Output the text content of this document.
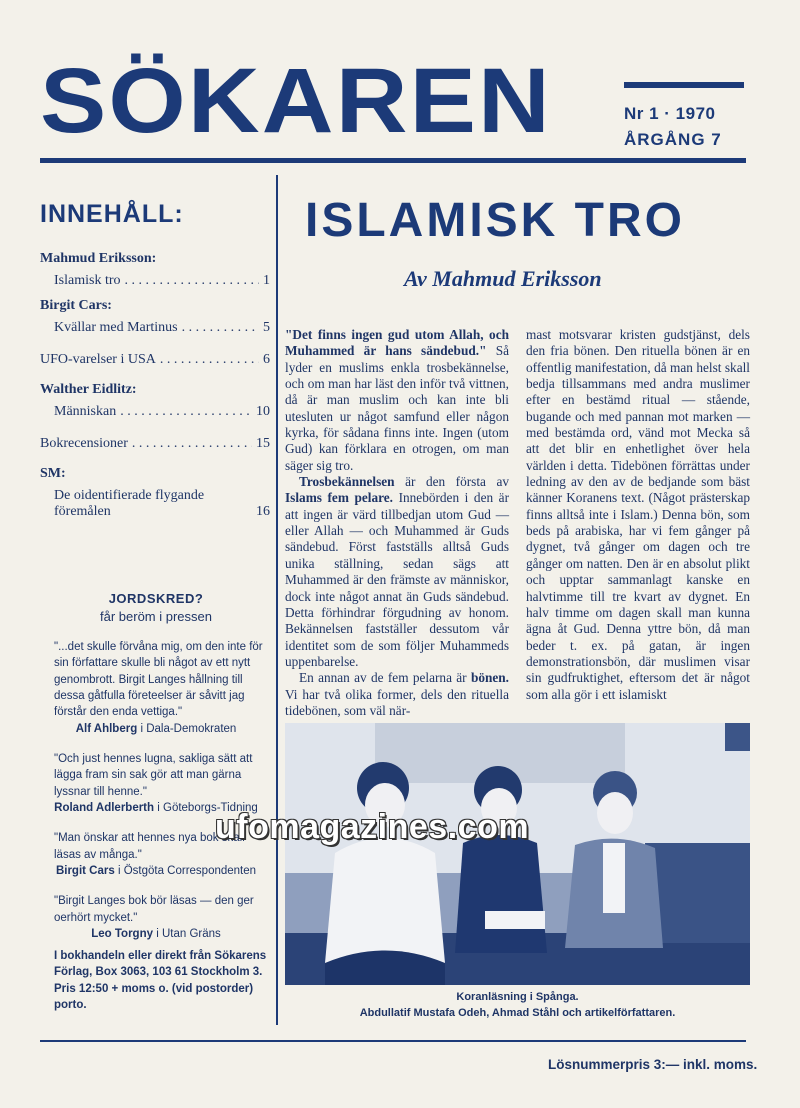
SÖKAREN	Nr 1 · 1970
ÅRGÅNG 7
INNEHÅLL:
Mahmud Eriksson:
Islamisk tro . . .	1
Birgit Cars:
Kvällar med Martinus . . .	5
UFO-varelser i USA . . .	6
Walther Eidlitz:
Människan . . .	10
Bokrecensioner . . .	15
SM:
De oidentifierade flygande föremålen	16
JORDSKRED?
får beröm i pressen
"...det skulle förvåna mig, om den inte för sin författare skulle bli något av ett nytt genombrott. Birgit Langes hållning till dessa gåtfulla företeelser är såvitt jag förstår den enda vettiga."
Alf Ahlberg i Dala-Demokraten
"Och just hennes lugna, sakliga sätt att lägga fram sin sak gör att man gärna lyssnar till henne."
Roland Adlerberth i Göteborgs-Tidning
"Man önskar att hennes nya bok skall läsas av många."
Birgit Cars i Östgöta Correspondenten
"Birgit Langes bok bör läsas — den ger oerhört mycket."
Leo Torgny i Utan Gräns
I bokhandeln eller direkt från Sökarens Förlag, Box 3063, 103 61 Stockholm 3. Pris 12:50 + moms o. (vid postorder) porto.
ISLAMISK TRO
Av Mahmud Eriksson

"Det finns ingen gud utom Allah, och Muhammed är hans sändebud." Så lyder en muslims enkla trosbekännelse, och om man har läst den inför två vittnen, då är man muslim och kan inte bli utesluten ur något samfund eller någon kyrka, för sådana finns inte. Ingen (utom Gud) kan förklara en otrogen, om man säger sig tro.

Trosbekännelsen är den första av Islams fem pelare. Innebörden i den är att ingen är värd tillbedjan utom Gud — eller Allah — och Muhammed är Guds sändebud. Först fastställs alltså Guds unika ställning, sedan sägs att Muhammed är den främste av människor, dock inte något annat än Guds sändebud. Detta förhindrar förgudning av honom. Bekännelsen fastställer dessutom vår identitet som de som följer Muhammeds uppenbarelse.

En annan av de fem pelarna är bönen. Vi har två olika former, dels den rituella tidebönen, som väl när-

mast motsvarar kristen gudstjänst, dels den fria bönen. Den rituella bönen är en offentlig manifestation, då man helst skall bedja tillsammans med andra muslimer efter en bestämd ritual — stående, bugande och med pannan mot marken — med bestämda ord, vänd mot Mecka så att det blir en enhetlighet över hela världen i detta. Tidebönen förrättas under ledning av den av de bedjande som bäst känner Koranens text. (Något prästerskap finns alltså inte i Islam.) Denna bön, som beds på arabiska, har vi fem gånger på dygnet, två gånger om dagen och tre gånger om natten. Den är en absolut plikt och upptar sammanlagt kanske en halvtimme till tre kvart av dygnet. En halv timme om dagen skall man kunna ägna åt Gud. Denna yttre bön, då man beder t. ex. på gatan, är ingen demonstrationsbön, där muslimen visar sin gudfruktighet, eftersom det är något som alla gör i ett islamiskt

ufomagazines.com
Koranläsning i Spånga.
Abdullatif Mustafa Odeh, Ahmad Ståhl och artikelförfattaren.
Lösnummerpris 3:— inkl. moms.
